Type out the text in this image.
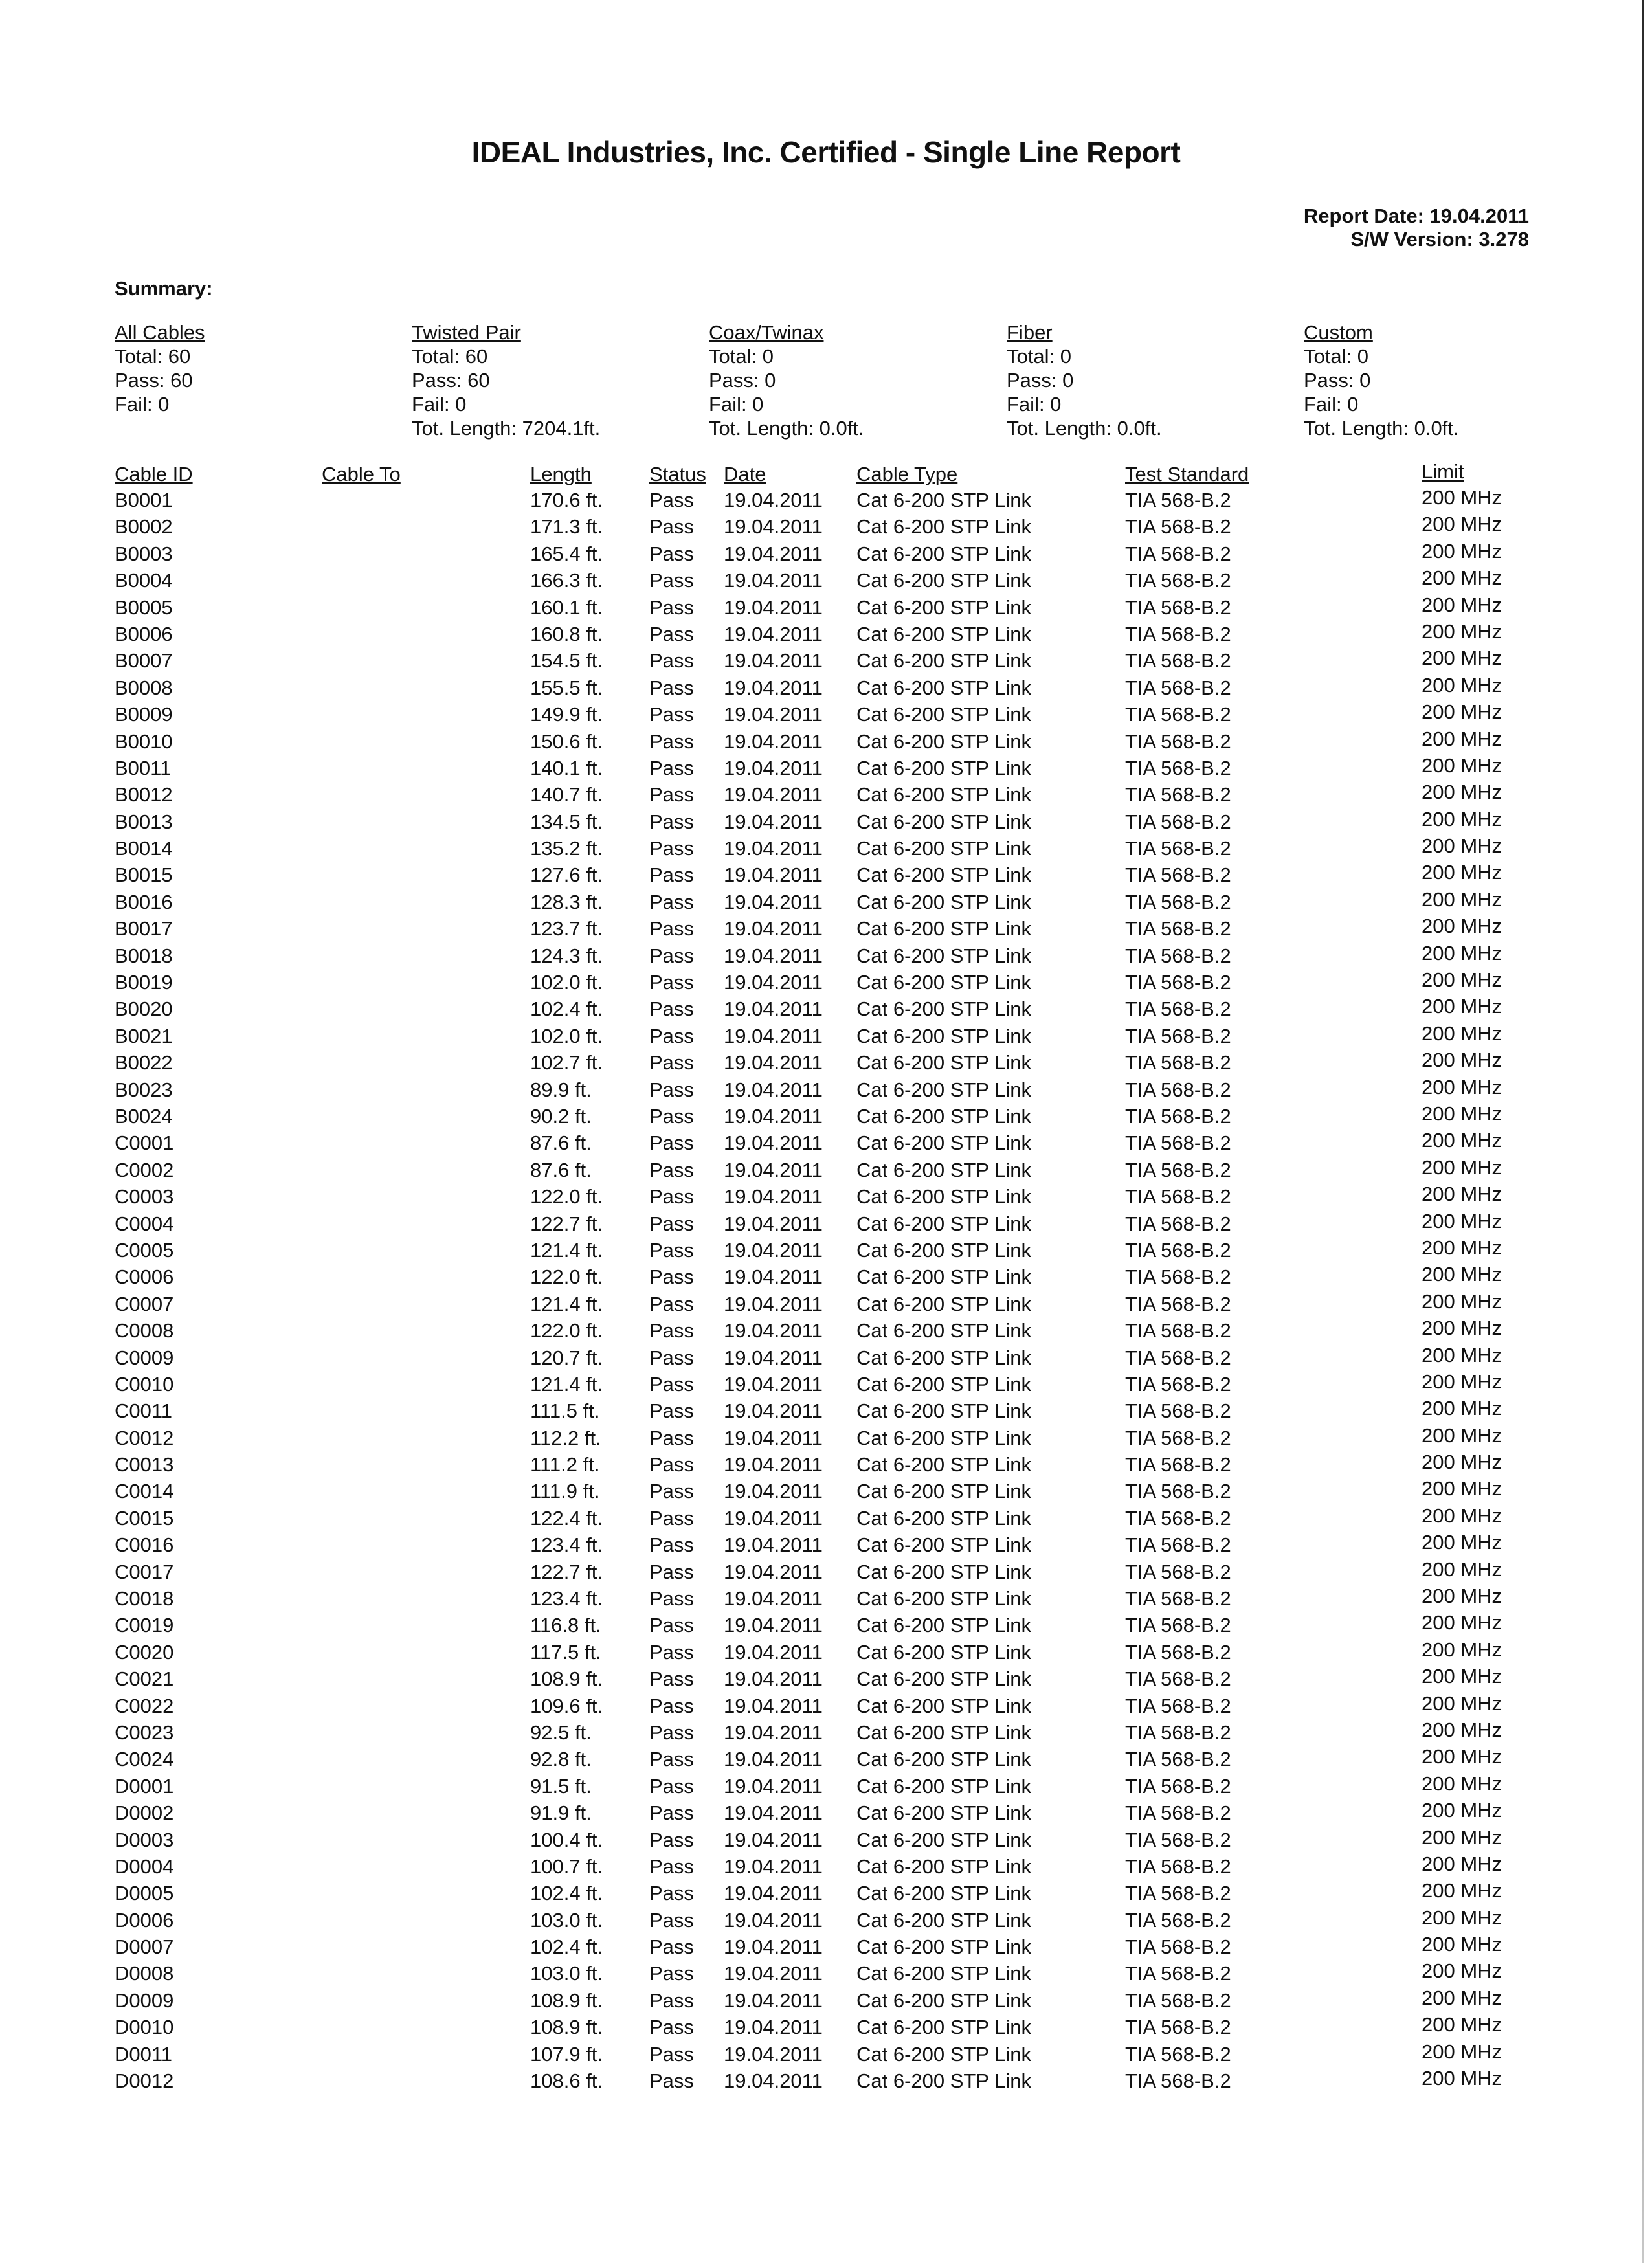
IDEAL Industries, Inc. Certified - Single Line Report
Report Date: 19.04.2011
S/W Version: 3.278
Summary:
All Cables
Total: 60
Pass: 60
Fail: 0
Twisted Pair
Total: 60
Pass: 60
Fail: 0
Tot. Length: 7204.1ft.
Coax/Twinax
Total: 0
Pass: 0
Fail: 0
Tot. Length: 0.0ft.
Fiber
Total: 0
Pass: 0
Fail: 0
Tot. Length: 0.0ft.
Custom
Total: 0
Pass: 0
Fail: 0
Tot. Length: 0.0ft.
Cable ID	Cable To	Length	Status Date	Cable Type	Test Standard	Limit
B0001	170.6 ft. Pass 19.04.2011 Cat 6-200 STP Link	TIA 568-B.2	200 MHz
B0002	171.3 ft. Pass 19.04.2011 Cat 6-200 STP Link	TIA 568-B.2	200 MHz
B0003	165.4 ft. Pass 19.04.2011 Cat 6-200 STP Link	TIA 568-B.2	200 MHz
B0004	166.3 ft. Pass 19.04.2011 Cat 6-200 STP Link	TIA 568-B.2	200 MHz
B0005	160.1 ft. Pass 19.04.2011 Cat 6-200 STP Link	TIA 568-B.2	200 MHz
B0006	160.8 ft. Pass 19.04.2011 Cat 6-200 STP Link	TIA 568-B.2	200 MHz
B0007	154.5 ft. Pass 19.04.2011 Cat 6-200 STP Link	TIA 568-B.2	200 MHz
B0008	155.5 ft. Pass 19.04.2011 Cat 6-200 STP Link	TIA 568-B.2	200 MHz
B0009	149.9 ft. Pass 19.04.2011 Cat 6-200 STP Link	TIA 568-B.2	200 MHz
B0010	150.6 ft. Pass 19.04.2011 Cat 6-200 STP Link	TIA 568-B.2	200 MHz
B0011	140.1 ft. Pass 19.04.2011 Cat 6-200 STP Link	TIA 568-B.2	200 MHz
B0012	140.7 ft. Pass 19.04.2011 Cat 6-200 STP Link	TIA 568-B.2	200 MHz
B0013	134.5 ft. Pass 19.04.2011 Cat 6-200 STP Link	TIA 568-B.2	200 MHz
B0014	135.2 ft. Pass 19.04.2011 Cat 6-200 STP Link	TIA 568-B.2	200 MHz
B0015	127.6 ft. Pass 19.04.2011 Cat 6-200 STP Link	TIA 568-B.2	200 MHz
B0016	128.3 ft. Pass 19.04.2011 Cat 6-200 STP Link	TIA 568-B.2	200 MHz
B0017	123.7 ft. Pass 19.04.2011 Cat 6-200 STP Link	TIA 568-B.2	200 MHz
B0018	124.3 ft. Pass 19.04.2011 Cat 6-200 STP Link	TIA 568-B.2	200 MHz
B0019	102.0 ft. Pass 19.04.2011 Cat 6-200 STP Link	TIA 568-B.2	200 MHz
B0020	102.4 ft. Pass 19.04.2011 Cat 6-200 STP Link	TIA 568-B.2	200 MHz
B0021	102.0 ft. Pass 19.04.2011 Cat 6-200 STP Link	TIA 568-B.2	200 MHz
B0022	102.7 ft. Pass 19.04.2011 Cat 6-200 STP Link	TIA 568-B.2	200 MHz
B0023	89.9 ft.	Pass 19.04.2011 Cat 6-200 STP Link	TIA 568-B.2	200 MHz
B0024	90.2 ft.	Pass 19.04.2011 Cat 6-200 STP Link	TIA 568-B.2	200 MHz
C0001	87.6 ft.	Pass 19.04.2011 Cat 6-200 STP Link	TIA 568-B.2	200 MHz
C0002	87.6 ft.	Pass 19.04.2011 Cat 6-200 STP Link	TIA 568-B.2	200 MHz
C0003	122.0 ft. Pass 19.04.2011 Cat 6-200 STP Link	TIA 568-B.2	200 MHz
C0004	122.7 ft. Pass 19.04.2011 Cat 6-200 STP Link	TIA 568-B.2	200 MHz
C0005	121.4 ft. Pass 19.04.2011 Cat 6-200 STP Link	TIA 568-B.2	200 MHz
C0006	122.0 ft. Pass 19.04.2011 Cat 6-200 STP Link	TIA 568-B.2	200 MHz
C0007	121.4 ft. Pass 19.04.2011 Cat 6-200 STP Link	TIA 568-B.2	200 MHz
C0008	122.0 ft. Pass 19.04.2011 Cat 6-200 STP Link	TIA 568-B.2	200 MHz
C0009	120.7 ft. Pass 19.04.2011 Cat 6-200 STP Link	TIA 568-B.2	200 MHz
C0010	121.4 ft. Pass 19.04.2011 Cat 6-200 STP Link	TIA 568-B.2	200 MHz
C0011	111.5 ft. Pass 19.04.2011 Cat 6-200 STP Link	TIA 568-B.2	200 MHz
C0012	112.2 ft. Pass 19.04.2011 Cat 6-200 STP Link	TIA 568-B.2	200 MHz
C0013	111.2 ft. Pass 19.04.2011 Cat 6-200 STP Link	TIA 568-B.2	200 MHz
C0014	111.9 ft. Pass 19.04.2011 Cat 6-200 STP Link	TIA 568-B.2	200 MHz
C0015	122.4 ft. Pass 19.04.2011 Cat 6-200 STP Link	TIA 568-B.2	200 MHz
C0016	123.4 ft. Pass 19.04.2011 Cat 6-200 STP Link	TIA 568-B.2	200 MHz
C0017	122.7 ft. Pass 19.04.2011 Cat 6-200 STP Link	TIA 568-B.2	200 MHz
C0018	123.4 ft. Pass 19.04.2011 Cat 6-200 STP Link	TIA 568-B.2	200 MHz
C0019	116.8 ft. Pass 19.04.2011 Cat 6-200 STP Link	TIA 568-B.2	200 MHz
C0020	117.5 ft. Pass 19.04.2011 Cat 6-200 STP Link	TIA 568-B.2	200 MHz
C0021	108.9 ft. Pass 19.04.2011 Cat 6-200 STP Link	TIA 568-B.2	200 MHz
C0022	109.6 ft. Pass 19.04.2011 Cat 6-200 STP Link	TIA 568-B.2	200 MHz
C0023	92.5 ft.	Pass 19.04.2011 Cat 6-200 STP Link	TIA 568-B.2	200 MHz
C0024	92.8 ft.	Pass 19.04.2011 Cat 6-200 STP Link	TIA 568-B.2	200 MHz
D0001	91.5 ft.	Pass 19.04.2011 Cat 6-200 STP Link	TIA 568-B.2	200 MHz
D0002	91.9 ft.	Pass 19.04.2011 Cat 6-200 STP Link	TIA 568-B.2	200 MHz
D0003	100.4 ft. Pass 19.04.2011 Cat 6-200 STP Link	TIA 568-B.2	200 MHz
D0004	100.7 ft. Pass 19.04.2011 Cat 6-200 STP Link	TIA 568-B.2	200 MHz
D0005	102.4 ft. Pass 19.04.2011 Cat 6-200 STP Link	TIA 568-B.2	200 MHz
D0006	103.0 ft. Pass 19.04.2011 Cat 6-200 STP Link	TIA 568-B.2	200 MHz
D0007	102.4 ft. Pass 19.04.2011 Cat 6-200 STP Link	TIA 568-B.2	200 MHz
D0008	103.0 ft. Pass 19.04.2011 Cat 6-200 STP Link	TIA 568-B.2	200 MHz
D0009	108.9 ft. Pass 19.04.2011 Cat 6-200 STP Link	TIA 568-B.2	200 MHz
D0010	108.9 ft. Pass 19.04.2011 Cat 6-200 STP Link	TIA 568-B.2	200 MHz
D0011	107.9 ft. Pass 19.04.2011 Cat 6-200 STP Link	TIA 568-B.2	200 MHz
D0012	108.6 ft. Pass 19.04.2011 Cat 6-200 STP Link	TIA 568-B.2	200 MHz
